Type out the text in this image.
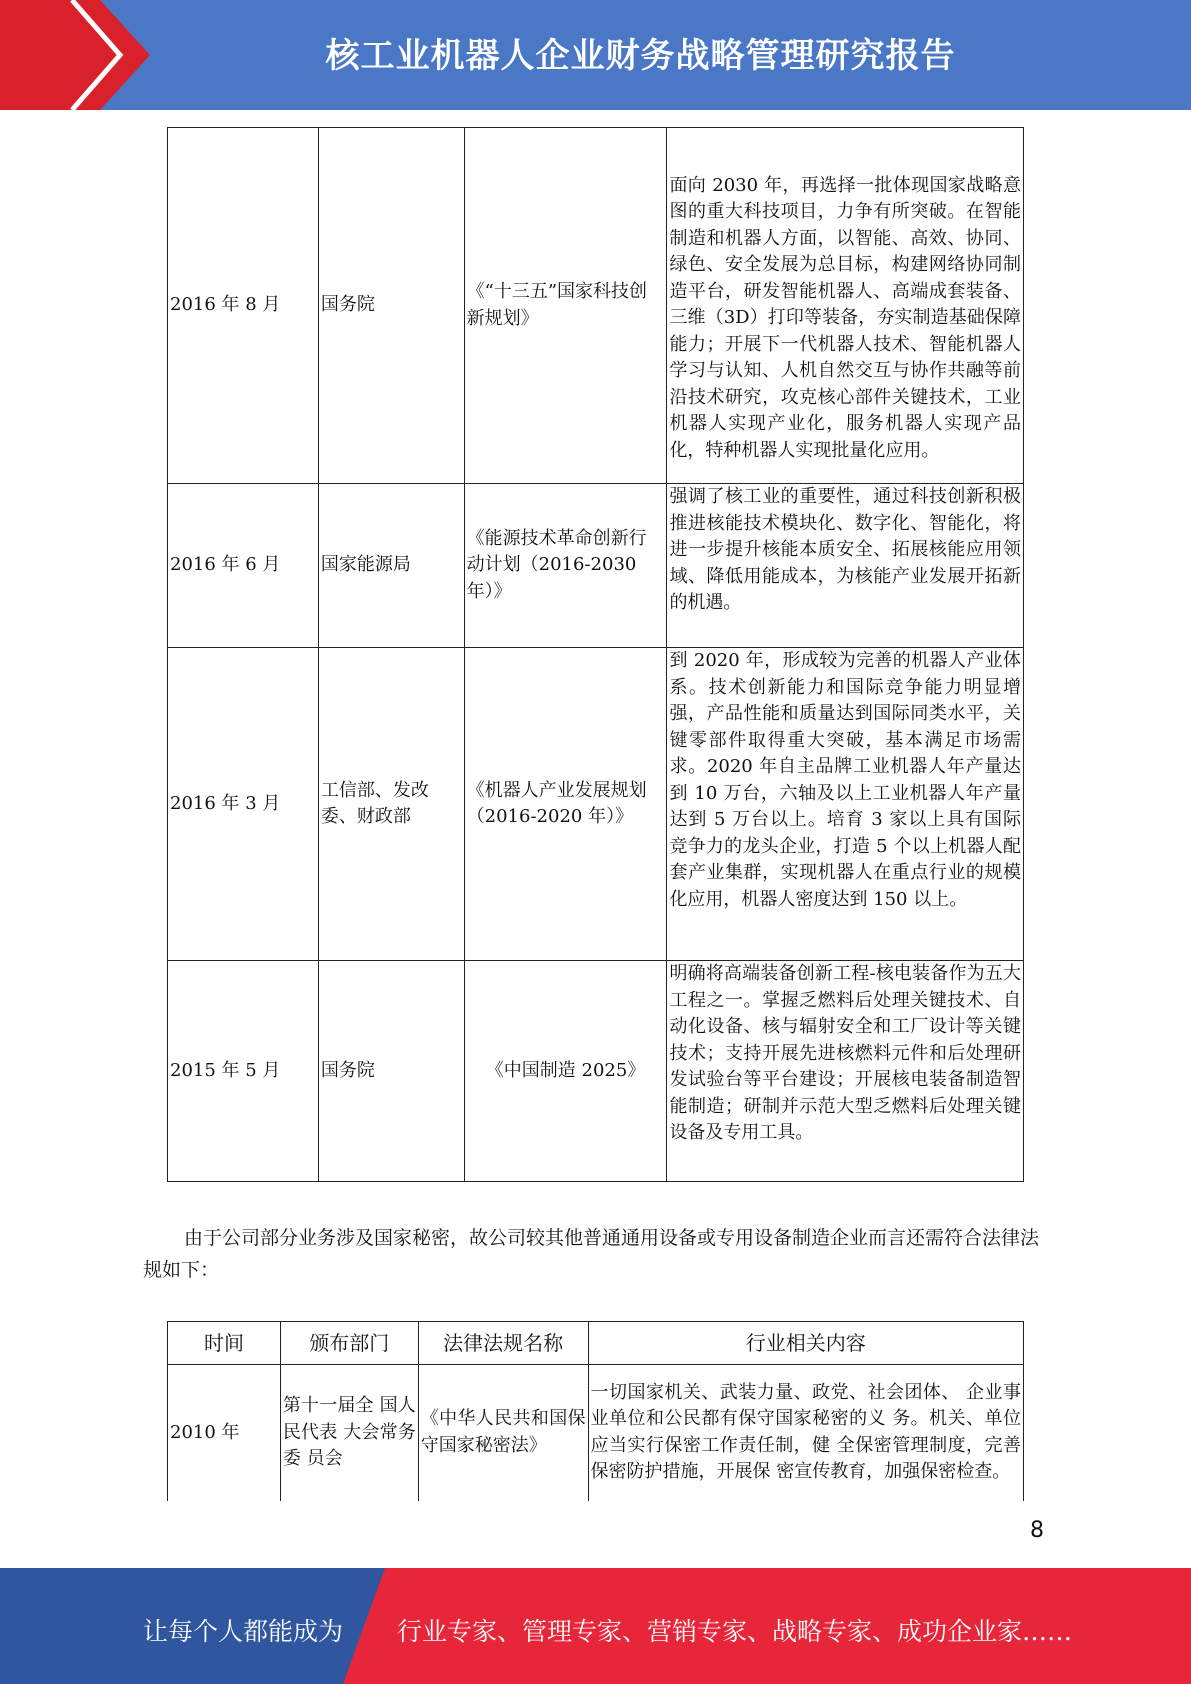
核工业机器人企业财务战略管理研究报告
2016 年 8 月	国务院	《“十三五”国家科技创新规划》	面向 2030 年，再选择一批体现国家战略意图的重大科技项目，力争有所突破。在智能制造和机器人方面，以智能、高效、协同、绿色、安全发展为总目标，构建网络协同制造平台，研发智能机器人、高端成套装备、三维（3D）打印等装备，夯实制造基础保障能力；开展下一代机器人技术、智能机器人学习与认知、人机自然交互与协作共融等前沿技术研究，攻克核心部件关键技术，工业机器人实现产业化，服务机器人实现产品化，特种机器人实现批量化应用。
2016 年 6 月	国家能源局	《能源技术革命创新行动计划（2016-2030 年）》	强调了核工业的重要性，通过科技创新积极推进核能技术模块化、数字化、智能化，将进一步提升核能本质安全、拓展核能应用领域、降低用能成本，为核能产业发展开拓新的机遇。
2016 年 3 月	工信部、发改委、财政部	《机器人产业发展规划（2016-2020 年）》	到 2020 年，形成较为完善的机器人产业体系。技术创新能力和国际竞争能力明显增强，产品性能和质量达到国际同类水平，关键零部件取得重大突破，基本满足市场需求。2020 年自主品牌工业机器人年产量达到 10 万台，六轴及以上工业机器人年产量达到 5 万台以上。培育 3 家以上具有国际竞争力的龙头企业，打造 5 个以上机器人配套产业集群，实现机器人在重点行业的规模化应用，机器人密度达到 150 以上。
2015 年 5 月	国务院	《中国制造 2025》	明确将高端装备创新工程-核电装备作为五大工程之一。掌握乏燃料后处理关键技术、自动化设备、核与辐射安全和工厂设计等关键技术；支持开展先进核燃料元件和后处理研发试验台等平台建设；开展核电装备制造智能制造；研制并示范大型乏燃料后处理关键设备及专用工具。
由于公司部分业务涉及国家秘密，故公司较其他普通通用设备或专用设备制造企业而言还需符合法律法规如下：
时间	颁布部门	法律法规名称	行业相关内容
2010 年	第十一届全 国人民代表 大会常务委 员会	《中华人民共和国保守国家秘密法》	一切国家机关、武装力量、政党、社会团体、 企业事业单位和公民都有保守国家秘密的义 务。机关、单位应当实行保密工作责任制，健 全保密管理制度，完善保密防护措施，开展保 密宣传教育，加强保密检查。
8
让每个人都能成为 行业专家、管理专家、营销专家、战略专家、成功企业家……
